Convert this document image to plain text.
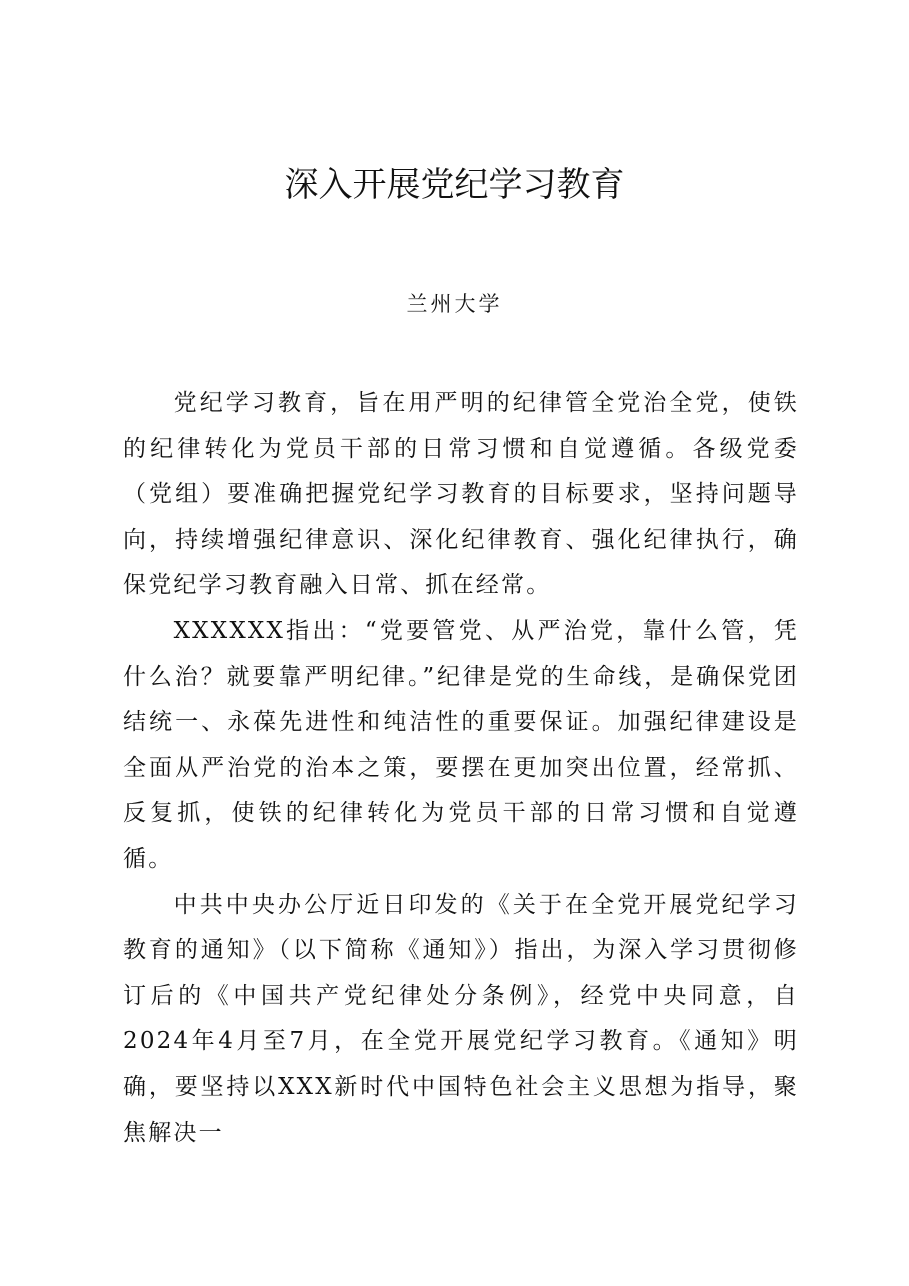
深入开展党纪学习教育
兰州大学

党纪学习教育，旨在用严明的纪律管全党治全党，使铁的纪律转化为党员干部的日常习惯和自觉遵循。各级党委（党组）要准确把握党纪学习教育的目标要求，坚持问题导向，持续增强纪律意识、深化纪律教育、强化纪律执行，确保党纪学习教育融入日常、抓在经常。

XXXXXX指出：“党要管党、从严治党，靠什么管，凭什么治？就要靠严明纪律。”纪律是党的生命线，是确保党团结统一、永葆先进性和纯洁性的重要保证。加强纪律建设是全面从严治党的治本之策，要摆在更加突出位置，经常抓、反复抓，使铁的纪律转化为党员干部的日常习惯和自觉遵循。

中共中央办公厅近日印发的《关于在全党开展党纪学习教育的通知》（以下简称《通知》）指出，为深入学习贯彻修订后的《中国共产党纪律处分条例》，经党中央同意，自2024年4月至7月，在全党开展党纪学习教育。《通知》明确，要坚持以XXX新时代中国特色社会主义思想为指导，聚焦解决一
